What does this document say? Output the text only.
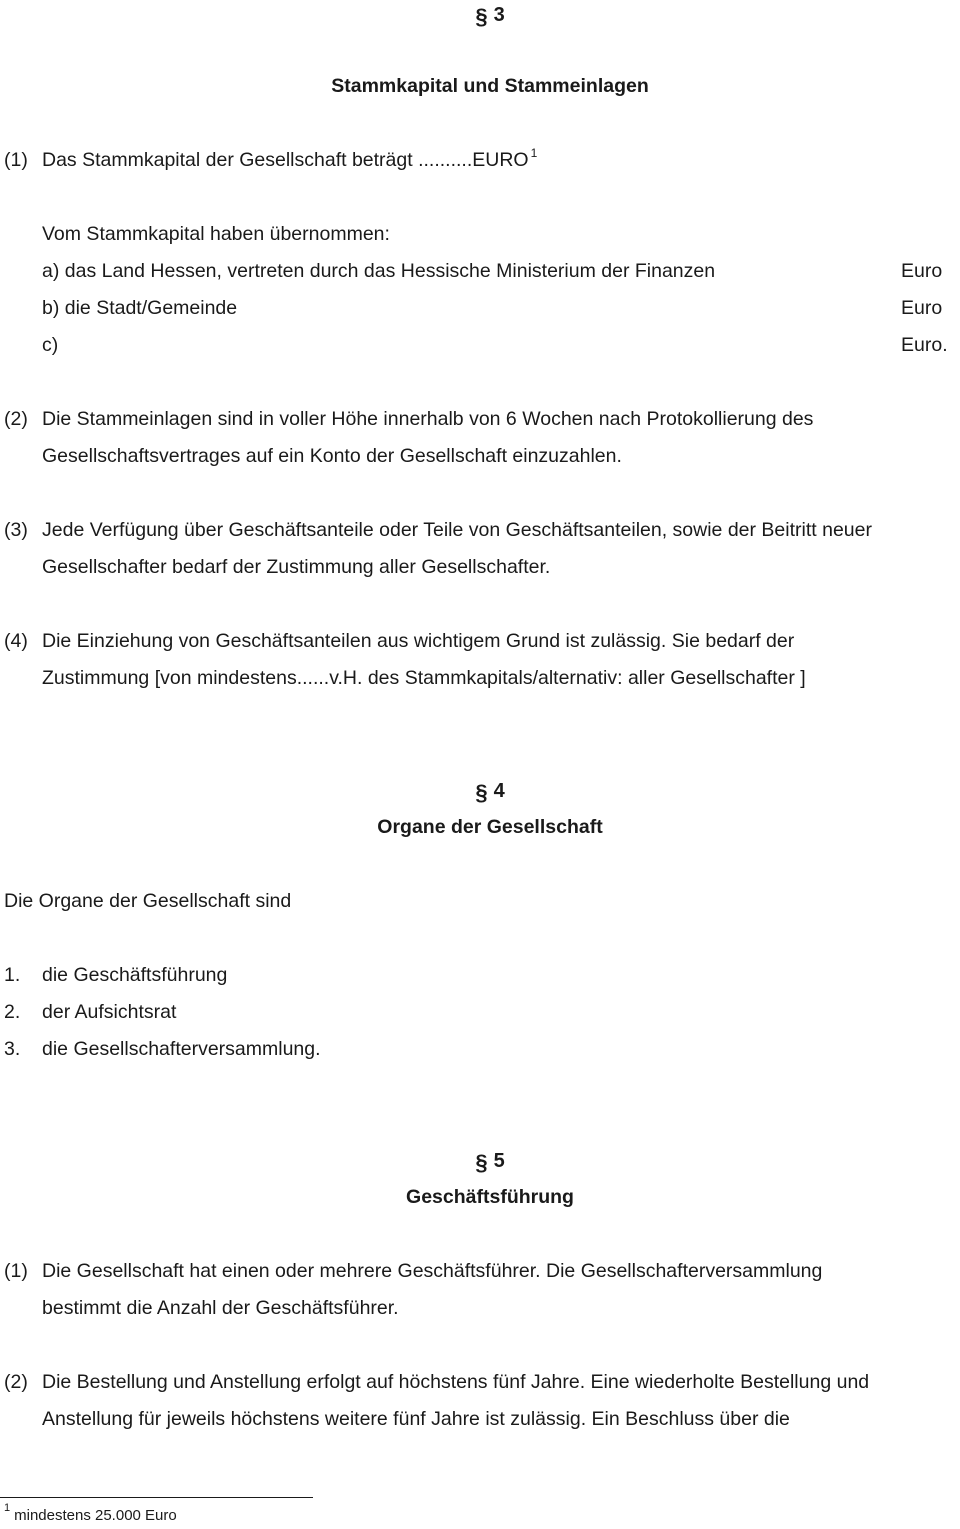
§ 3
Stammkapital und Stammeinlagen
(1) Das Stammkapital der Gesellschaft beträgt ..........EURO $^1$
Vom Stammkapital haben übernommen:
a) das Land Hessen, vertreten durch das Hessische Ministerium der Finanzen	Euro
b) die Stadt/Gemeinde	Euro
c)	Euro.
(2) Die Stammeinlagen sind in voller Höhe innerhalb von 6 Wochen nach Protokollierung des
Gesellschaftsvertrages auf ein Konto der Gesellschaft einzuzahlen.
(3) Jede Verfügung über Geschäftsanteile oder Teile von Geschäftsanteilen, sowie der Beitritt neuer
Gesellschafter bedarf der Zustimmung aller Gesellschafter.
(4) Die Einziehung von Geschäftsanteilen aus wichtigem Grund ist zulässig. Sie bedarf der
Zustimmung [von mindestens......v.H. des Stammkapitals/alternativ: aller Gesellschafter ]
§ 4
Organe der Gesellschaft
Die Organe der Gesellschaft sind
1. die Geschäftsführung
2. der Aufsichtsrat
3. die Gesellschafterversammlung.
§ 5
Geschäftsführung
(1) Die Gesellschaft hat einen oder mehrere Geschäftsführer. Die Gesellschafterversammlung
bestimmt die Anzahl der Geschäftsführer.
(2) Die Bestellung und Anstellung erfolgt auf höchstens fünf Jahre. Eine wiederholte Bestellung und
Anstellung für jeweils höchstens weitere fünf Jahre ist zulässig. Ein Beschluss über die
$^1$ mindestens 25.000 Euro
